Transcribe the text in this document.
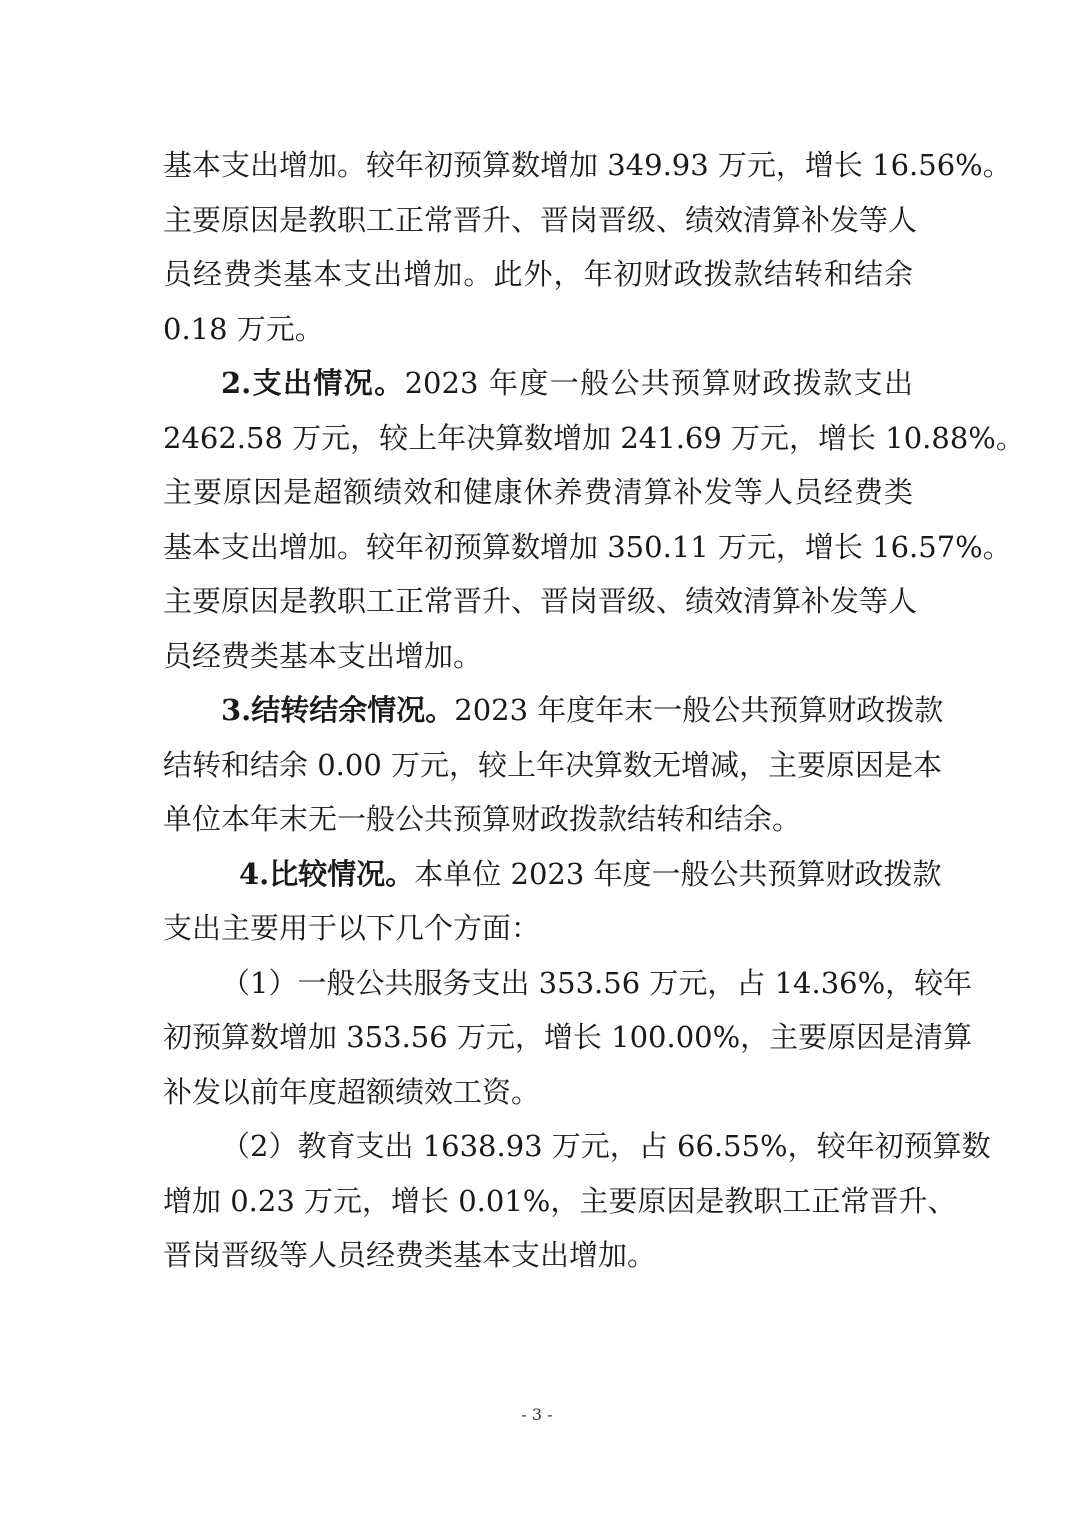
基本支出增加。较年初预算数增加 349.93 万元，增长 16.56%。
主要原因是教职工正常晋升、晋岗晋级、绩效清算补发等人
员经费类基本支出增加。此外，年初财政拨款结转和结余
0.18 万元。
2.支出情况。2023 年度一般公共预算财政拨款支出
2462.58 万元，较上年决算数增加 241.69 万元，增长 10.88%。
主要原因是超额绩效和健康休养费清算补发等人员经费类
基本支出增加。较年初预算数增加 350.11 万元，增长 16.57%。
主要原因是教职工正常晋升、晋岗晋级、绩效清算补发等人
员经费类基本支出增加。
3.结转结余情况。2023 年度年末一般公共预算财政拨款
结转和结余 0.00 万元，较上年决算数无增减，主要原因是本
单位本年末无一般公共预算财政拨款结转和结余。
4.比较情况。本单位 2023 年度一般公共预算财政拨款
支出主要用于以下几个方面：
（1）一般公共服务支出 353.56 万元，占 14.36%，较年
初预算数增加 353.56 万元，增长 100.00%，主要原因是清算
补发以前年度超额绩效工资。
（2）教育支出 1638.93 万元，占 66.55%，较年初预算数
增加 0.23 万元，增长 0.01%，主要原因是教职工正常晋升、
晋岗晋级等人员经费类基本支出增加。
- 3 -
